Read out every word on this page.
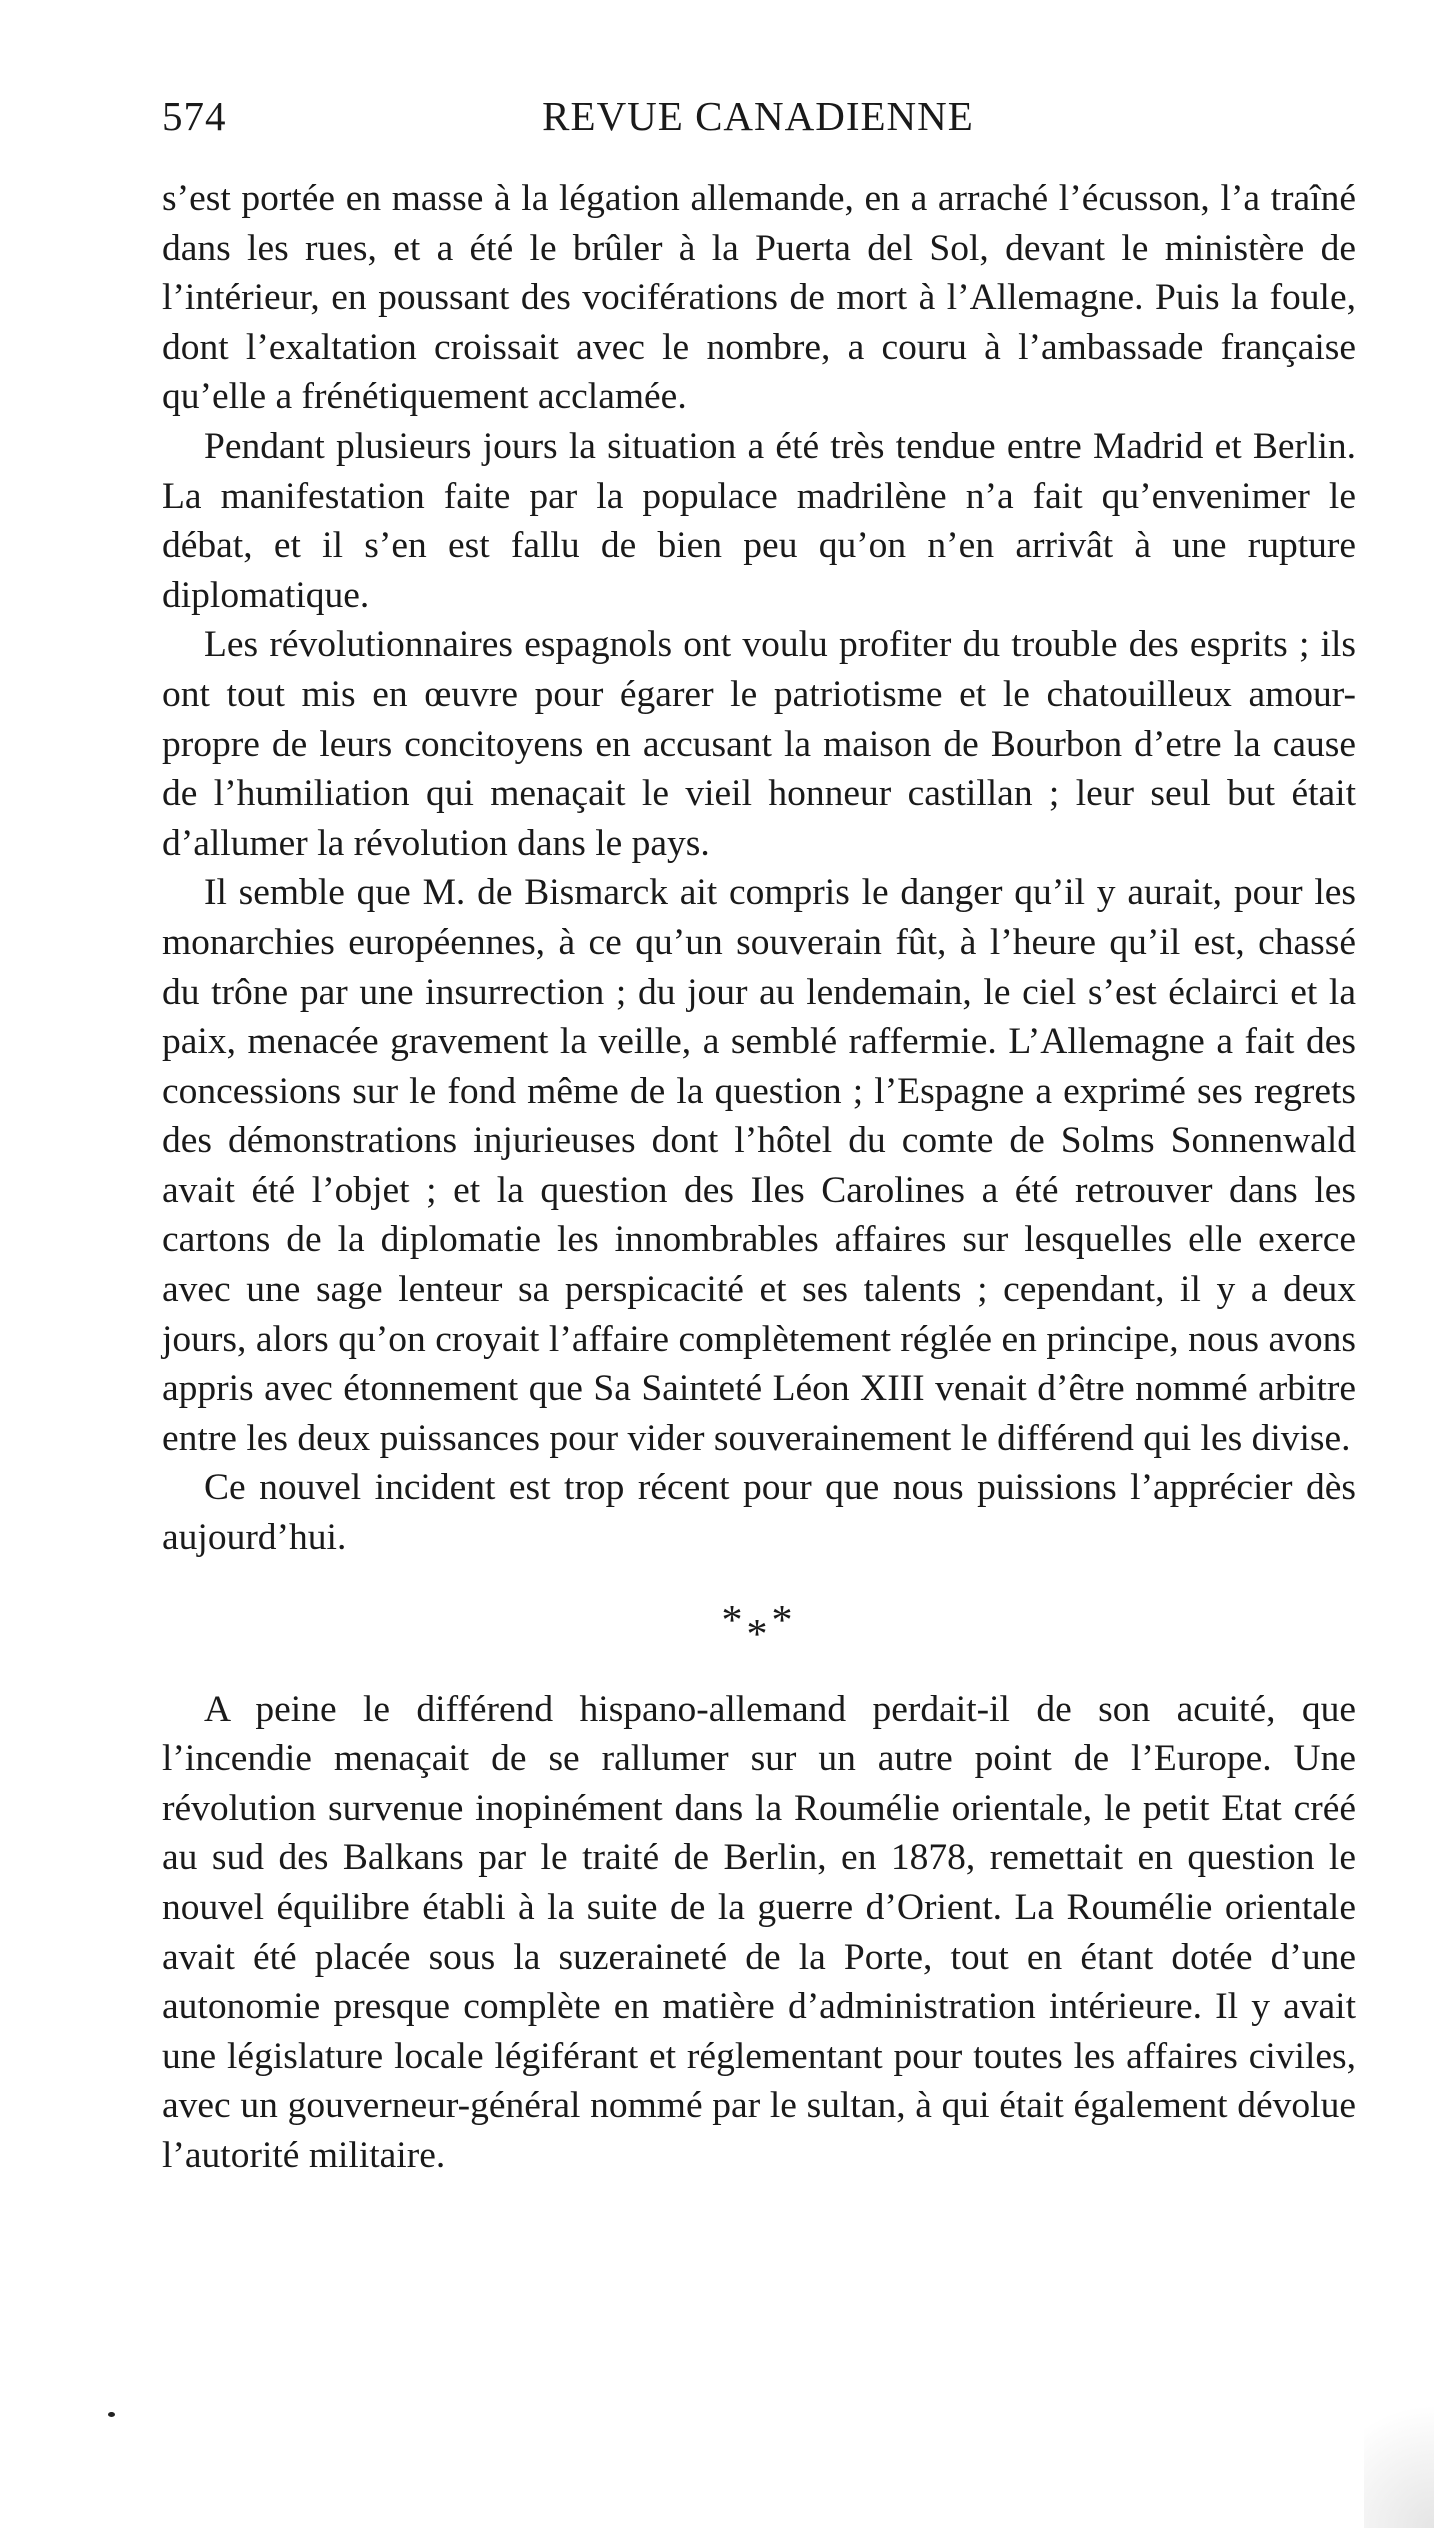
574	REVUE CANADIENNE

s’est portée en masse à la légation allemande, en a arraché l’écusson, l’a traîné dans les rues, et a été le brûler à la Puerta del Sol, devant le ministère de l’intérieur, en poussant des vociférations de mort à l’Allemagne. Puis la foule, dont l’exaltation croissait avec le nombre, a couru à l’ambassade française qu’elle a frénétiquement acclamée.

Pendant plusieurs jours la situation a été très tendue entre Madrid et Berlin. La manifestation faite par la populace madrilène n’a fait qu’envenimer le débat, et il s’en est fallu de bien peu qu’on n’en arrivât à une rupture diplomatique.

Les révolutionnaires espagnols ont voulu profiter du trouble des esprits ; ils ont tout mis en œuvre pour égarer le patriotisme et le chatouilleux amour-propre de leurs concitoyens en accusant la maison de Bourbon d’etre la cause de l’humiliation qui menaçait le vieil honneur castillan ; leur seul but était d’allumer la révolution dans le pays.

Il semble que M. de Bismarck ait compris le danger qu’il y aurait, pour les monarchies européennes, à ce qu’un souverain fût, à l’heure qu’il est, chassé du trône par une insurrection ; du jour au lendemain, le ciel s’est éclairci et la paix, menacée gravement la veille, a semblé raffermie. L’Allemagne a fait des concessions sur le fond même de la question ; l’Espagne a exprimé ses regrets des démonstrations injurieuses dont l’hôtel du comte de Solms Sonnenwald avait été l’objet ; et la question des Iles Carolines a été retrouver dans les cartons de la diplomatie les innombrables affaires sur lesquelles elle exerce avec une sage lenteur sa perspicacité et ses talents ; cependant, il y a deux jours, alors qu’on croyait l’affaire complètement réglée en principe, nous avons appris avec étonnement que Sa Sainteté Léon XIII venait d’être nommé arbitre entre les deux puissances pour vider souverainement le différend qui les divise.

Ce nouvel incident est trop récent pour que nous puissions l’apprécier dès aujourd’hui.

***

A peine le différend hispano-allemand perdait-il de son acuité, que l’incendie menaçait de se rallumer sur un autre point de l’Europe. Une révolution survenue inopinément dans la Roumélie orientale, le petit Etat créé au sud des Balkans par le traité de Berlin, en 1878, remettait en question le nouvel équilibre établi à la suite de la guerre d’Orient. La Roumélie orientale avait été placée sous la suzeraineté de la Porte, tout en étant dotée d’une autonomie presque complète en matière d’administration intérieure. Il y avait une législature locale légiférant et réglementant pour toutes les affaires civiles, avec un gouverneur-général nommé par le sultan, à qui était également dévolue l’autorité militaire.
